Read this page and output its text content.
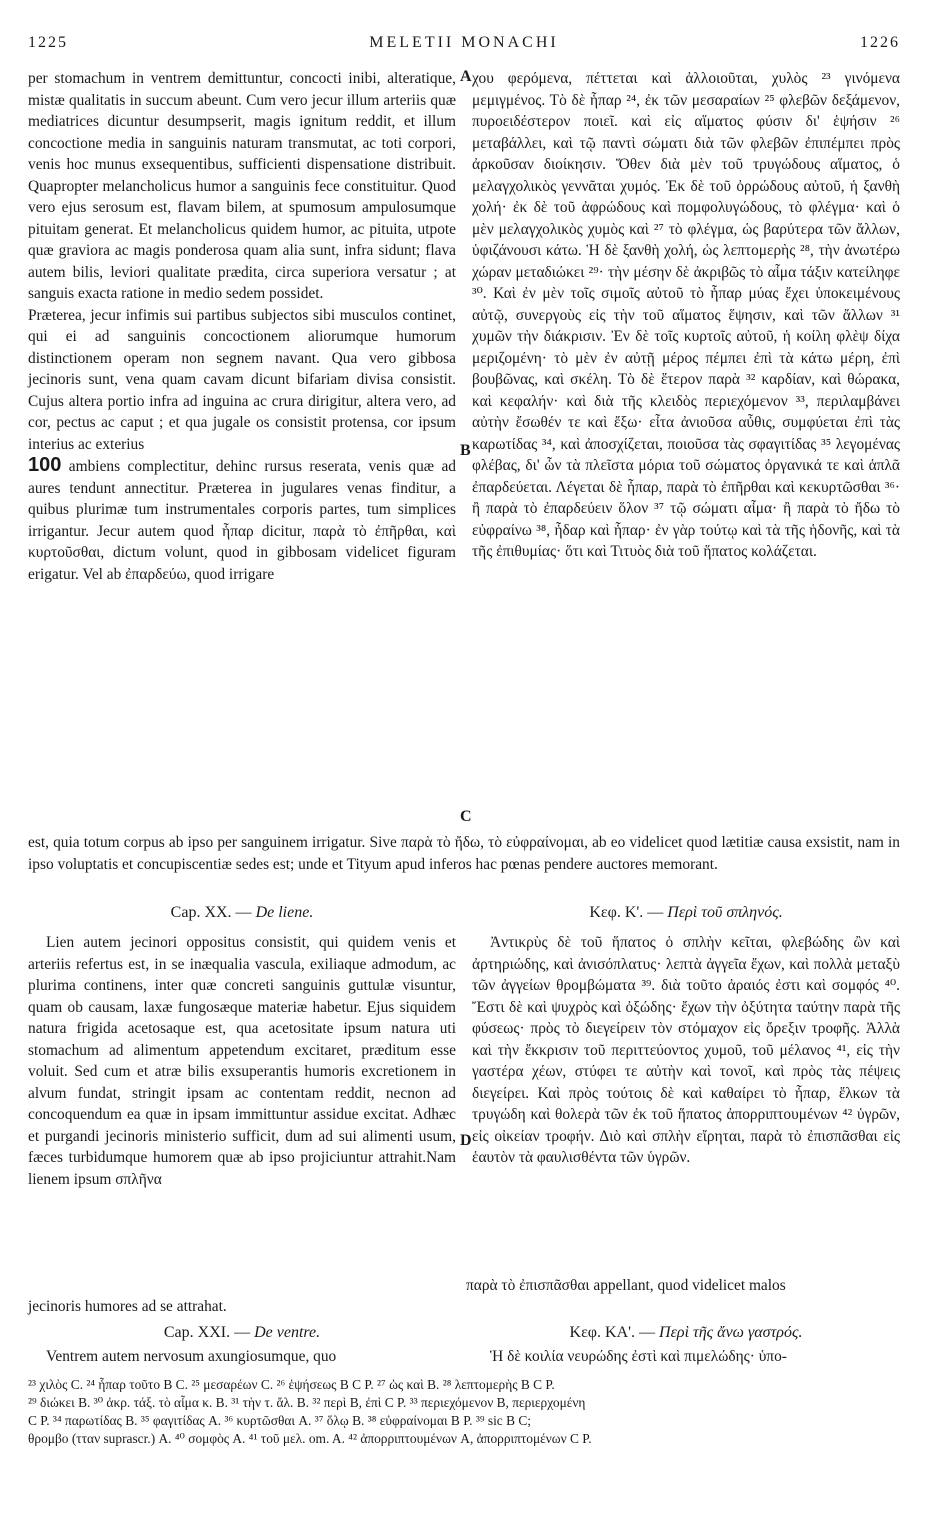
1225	MELETII MONACHI	1226

per stomachum in ventrem demittuntur, concocti inibi, alteratique, mistæ qualitatis in succum abeunt. Cum vero jecur illum arteriis quæ mediatrices dicuntur desumpserit, magis ignitum reddit, et illum concoctione media in sanguinis naturam transmutat, ac toti corpori, venis hoc munus exsequentibus, sufficienti dispensatione distribuit. Quapropter melancholicus humor a sanguinis fece constituitur. Quod vero ejus serosum est, flavam bilem, at spumosum ampulosumque pituitam generat. Et melancholicus quidem humor, ac pituita, utpote quæ graviora ac magis ponderosa quam alia sunt, infra sidunt; flava autem bilis, leviori qualitate prædita, circa superiora versatur ; at sanguis exacta ratione in medio sedem possidet.

Præterea, jecur infimis sui partibus subjectos sibi musculos continet, qui ei ad sanguinis concoctionem aliorumque humorum distinctionem operam non segnem navant. Qua vero gibbosa jecinoris sunt, vena quam cavam dicunt bifariam divisa consistit. Cujus altera portio infra ad inguina ac crura dirigitur, altera vero, ad cor, pectus ac caput ; et qua jugale os consistit protensa, cor ipsum interius ac exterius

100 ambiens complectitur, dehinc rursus reserata, venis quæ ad aures tendunt annectitur. Præterea in jugulares venas finditur, a quibus plurimæ tum instrumentales corporis partes, tum simplices irrigantur. Jecur autem quod ἧπαρ dicitur, παρὰ τὸ ἐπῆρθαι, καὶ κυρτοῦσθαι, dictum volunt, quod in gibbosam videlicet figuram erigatur. Vel ab ἐπαρδεύω, quod irrigare

A
B
C

χου φερόμενα, πέττεται καὶ ἀλλοιοῦται, χυλὸς ²³ γινόμενα μεμιγμένος. Τὸ δὲ ἧπαρ ²⁴, ἐκ τῶν μεσαραίων ²⁵ φλεβῶν δεξάμενον, πυροειδέστερον ποιεῖ. καὶ εἰς αἵματος φύσιν δι' ἑψήσιν ²⁶ μεταβάλλει, καὶ τῷ παντὶ σώματι διὰ τῶν φλεβῶν ἐπιπέμπει πρὸς ἀρκοῦσαν διοίκησιν. Ὅθεν διὰ μὲν τοῦ τρυγώδους αἵματος, ὁ μελαγχολικὸς γεννᾶται χυμός. Ἐκ δὲ τοῦ ὀρρώδους αὐτοῦ, ἡ ξανθὴ χολή· ἐκ δὲ τοῦ ἀφρώδους καὶ πομφολυγώδους, τὸ φλέγμα· καὶ ὁ μὲν μελαγχολικὸς χυμὸς καὶ ²⁷ τὸ φλέγμα, ὡς βαρύτερα τῶν ἄλλων, ὑφιζάνουσι κάτω. Ἡ δὲ ξανθὴ χολή, ὡς λεπτομερὴς ²⁸, τὴν ἀνωτέρω χώραν μεταδιώκει ²⁹· τὴν μέσην δὲ ἀκριβῶς τὸ αἷμα τάξιν κατείληφε ³⁰. Καὶ ἐν μὲν τοῖς σιμοῖς αὐτοῦ τὸ ἧπαρ μύας ἔχει ὑποκειμένους αὐτῷ, συνεργοὺς εἰς τὴν τοῦ αἵματος ἕψησιν, καὶ τῶν ἄλλων ³¹ χυμῶν τὴν διάκρισιν. Ἐν δὲ τοῖς κυρτοῖς αὐτοῦ, ἡ κοίλη φλὲψ δίχα μεριζομένη· τὸ μὲν ἐν αὐτῇ μέρος πέμπει ἐπὶ τὰ κάτω μέρη, ἐπὶ βουβῶνας, καὶ σκέλη. Τὸ δὲ ἕτερον παρὰ ³² καρδίαν, καὶ θώρακα, καὶ κεφαλήν· καὶ διὰ τῆς κλειδὸς περιεχόμενον ³³, περιλαμβάνει αὐτὴν ἔσωθέν τε καὶ ἔξω· εἶτα ἀνιοῦσα αὖθις, συμφύεται ἐπὶ τὰς καρωτίδας ³⁴, καὶ ἀποσχίζεται, ποιοῦσα τὰς σφαγιτίδας ³⁵ λεγομένας φλέβας, δι' ὧν τὰ πλεῖστα μόρια τοῦ σώματος ὀργανικά τε καὶ ἁπλᾶ ἐπαρδεύεται. Λέγεται δὲ ἧπαρ, παρὰ τὸ ἐπῆρθαι καὶ κεκυρτῶσθαι ³⁶· ἢ παρὰ τὸ ἐπαρδεύειν ὅλον ³⁷ τῷ σώματι αἷμα· ἢ παρὰ τὸ ἤδω τὸ εὐφραίνω ³⁸, ἦδαρ καὶ ἧπαρ· ἐν γὰρ τούτῳ καὶ τὰ τῆς ἡδονῆς, καὶ τὰ τῆς ἐπιθυμίας· ὅτι καὶ Τιτυὸς διὰ τοῦ ἥπατος κολάζεται.

est, quia totum corpus ab ipso per sanguinem irrigatur. Sive παρὰ τὸ ἤδω, τὸ εὐφραίνομαι, ab eo videlicet quod lætitiæ causa exsistit, nam in ipso voluptatis et concupiscentiæ sedes est; unde et Tityum apud inferos hac pœnas pendere auctores memorant.
Cap. XX. — De liene.	Κεφ. Κ'. — Περὶ τοῦ σπληνός.

Lien autem jecinori oppositus consistit, qui quidem venis et arteriis refertus est, in se inæqualia vascula, exiliaque admodum, ac plurima continens, inter quæ concreti sanguinis guttulæ visuntur, quam ob causam, laxæ fungosæque materiæ habetur. Ejus siquidem natura frigida acetosaque est, qua acetositate ipsum natura uti stomachum ad alimentum appetendum excitaret, præditum esse voluit. Sed cum et atræ bilis exsuperantis humoris excretionem in alvum fundat, stringit ipsam ac contentam reddit, necnon ad concoquendum ea quæ in ipsam immittuntur assidue excitat. Adhæc et purgandi jecinoris ministerio sufficit, dum ad sui alimenti usum, fæces turbidumque humorem quæ ab ipso projiciuntur attrahit.Nam lienem ipsum σπλῆνα

D

Ἀντικρὺς δὲ τοῦ ἥπατος ὁ σπλὴν κεῖται, φλεβώδης ὢν καὶ ἀρτηριώδης, καὶ ἀνισόπλατυς· λεπτὰ ἀγγεῖα ἔχων, καὶ πολλὰ μεταξὺ τῶν ἀγγείων θρομβώματα ³⁹. διὰ τοῦτο ἀραιός ἐστι καὶ σομφός ⁴⁰. Ἔστι δὲ καὶ ψυχρὸς καὶ ὀξώδης· ἔχων τὴν ὀξύτητα ταύτην παρὰ τῆς φύσεως· πρὸς τὸ διεγείρειν τὸν στόμαχον εἰς ὄρεξιν τροφῆς. Ἀλλὰ καὶ τὴν ἔκκρισιν τοῦ περιττεύοντος χυμοῦ, τοῦ μέλανος ⁴¹, εἰς τὴν γαστέρα χέων, στύφει τε αὐτὴν καὶ τονοῖ, καὶ πρὸς τὰς πέψεις διεγείρει. Καὶ πρὸς τούτοις δὲ καὶ καθαίρει τὸ ἧπαρ, ἕλκων τὰ τρυγώδη καὶ θολερὰ τῶν ἐκ τοῦ ἥπατος ἀπορριπτουμένων ⁴² ὑγρῶν, εἰς οἰκείαν τροφήν. Διὸ καὶ σπλὴν εἴρηται, παρὰ τὸ ἐπισπᾶσθαι εἰς ἑαυτὸν τὰ φαυλισθέντα τῶν ὑγρῶν.

παρὰ τὸ ἐπισπᾶσθαι appellant, quod videlicet malos
jecinoris humores ad se attrahat.
Cap. XXI. — De ventre.	Κεφ. ΚΑ'. — Περὶ τῆς ἄνω γαστρός.

Ventrem autem nervosum axungiosumque, quo	Ἡ δὲ κοιλία νευρώδης ἐστὶ καὶ πιμελώδης· ὑπο-

²³ χιλὸς C. ²⁴ ἧπαρ τοῦτο B C. ²⁵ μεσαρέων C. ²⁶ ἑψήσεως B C P. ²⁷ ὡς καὶ B. ²⁸ λεπτομερὴς B C P.

²⁹ διώκει B. ³⁰ ἀκρ. τάξ. τὸ αἷμα κ. B. ³¹ τὴν τ. ἄλ. B. ³² περὶ B, ἐπὶ C P. ³³ περιεχόμενον B, περιερχομένη

C P. ³⁴ παρωτίδας B. ³⁵ φαγιτίδας A. ³⁶ κυρτῶσθαι A. ³⁷ ὅλῳ B. ³⁸ εὐφραίνομαι B P. ³⁹ sic B C;

θρομβο (τταν suprascr.) A. ⁴⁰ σομφὸς A. ⁴¹ τοῦ μελ. om. A. ⁴² ἀπορριπτουμένων A, ἀπορριπτομένων C P.
